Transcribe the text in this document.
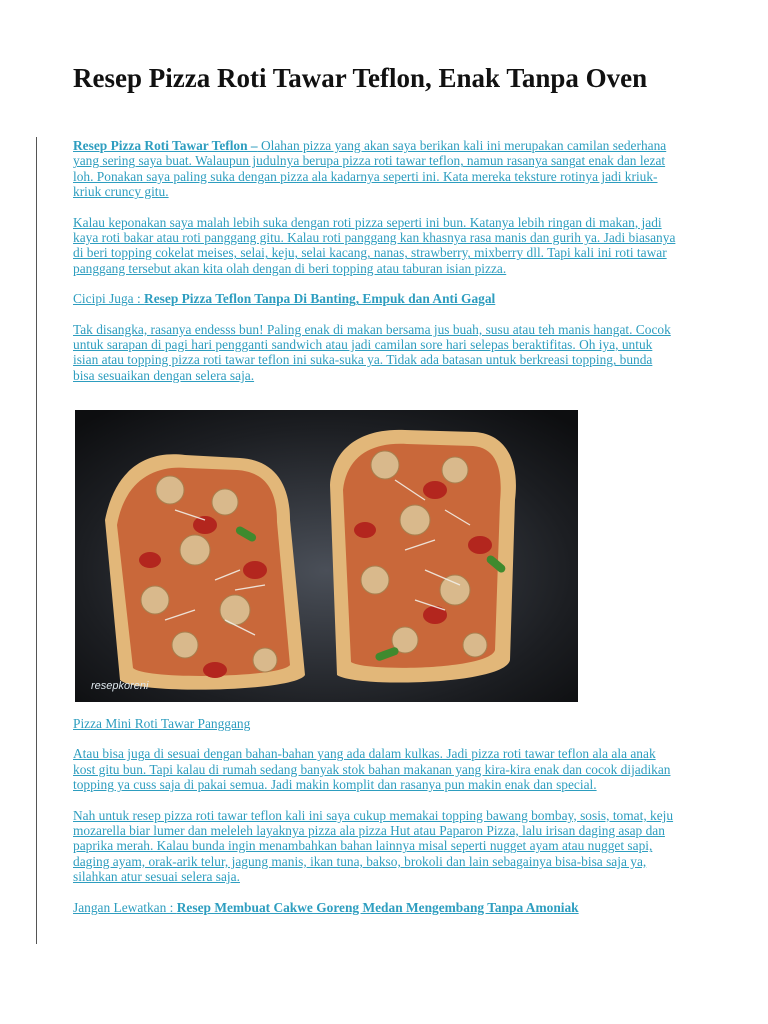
Resep Pizza Roti Tawar Teflon, Enak Tanpa Oven

Resep Pizza Roti Tawar Teflon – Olahan pizza yang akan saya berikan kali ini merupakan camilan sederhana yang sering saya buat. Walaupun judulnya berupa pizza roti tawar teflon, namun rasanya sangat enak dan lezat loh. Ponakan saya paling suka dengan pizza ala kadarnya seperti ini. Kata mereka teksture rotinya jadi kriuk-kriuk cruncy gitu.

Kalau keponakan saya malah lebih suka dengan roti pizza seperti ini bun. Katanya lebih ringan di makan, jadi kaya roti bakar atau roti panggang gitu. Kalau roti panggang kan khasnya rasa manis dan gurih ya. Jadi biasanya di beri topping cokelat meises, selai, keju, selai kacang, nanas, strawberry, mixberry dll. Tapi kali ini roti tawar panggang tersebut akan kita olah dengan di beri topping atau taburan isian pizza.

Cicipi Juga : Resep Pizza Teflon Tanpa Di Banting, Empuk dan Anti Gagal

Tak disangka, rasanya endesss bun! Paling enak di makan bersama jus buah, susu atau teh manis hangat. Cocok untuk sarapan di pagi hari pengganti sandwich atau jadi camilan sore hari selepas beraktifitas. Oh iya, untuk isian atau topping pizza roti tawar teflon ini suka-suka ya. Tidak ada batasan untuk berkreasi topping, bunda bisa sesuaikan dengan selera saja.

resepkoreni

Pizza Mini Roti Tawar Panggang

Atau bisa juga di sesuai dengan bahan-bahan yang ada dalam kulkas. Jadi pizza roti tawar teflon ala ala anak kost gitu bun. Tapi kalau di rumah sedang banyak stok bahan makanan yang kira-kira enak dan cocok dijadikan topping ya cuss saja di pakai semua. Jadi makin komplit dan rasanya pun makin enak dan special.

Nah untuk resep pizza roti tawar teflon kali ini saya cukup memakai topping bawang bombay, sosis, tomat, keju mozarella biar lumer dan meleleh layaknya pizza ala pizza Hut atau Paparon Pizza, lalu irisan daging asap dan paprika merah. Kalau bunda ingin menambahkan bahan lainnya misal seperti nugget ayam atau nugget sapi, daging ayam, orak-arik telur, jagung manis, ikan tuna, bakso, brokoli dan lain sebagainya bisa-bisa saja ya, silahkan atur sesuai selera saja.

Jangan Lewatkan : Resep Membuat Cakwe Goreng Medan Mengembang Tanpa Amoniak
